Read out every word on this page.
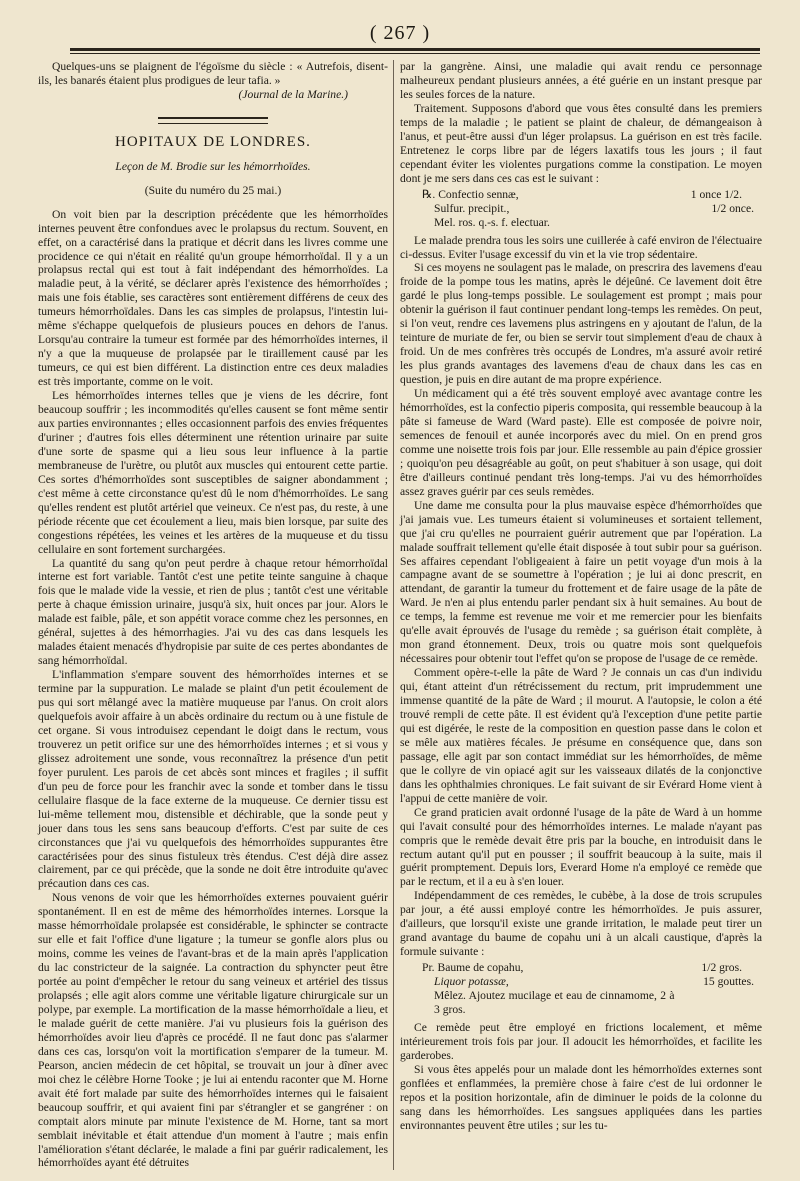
( 267 )

Quelques-uns se plaignent de l'égoïsme du siècle : « Autrefois, disent-ils, les banarés étaient plus prodigues de leur tafia. »

(Journal de la Marine.)

HOPITAUX DE LONDRES.
Leçon de M. Brodie sur les hémorrhoïdes.
(Suite du numéro du 25 mai.)

On voit bien par la description précédente que les hémorrhoïdes internes peuvent être confondues avec le prolapsus du rectum. Souvent, en effet, on a caractérisé dans la pratique et décrit dans les livres comme une procidence ce qui n'était en réalité qu'un groupe hémorrhoïdal. Il y a un prolapsus rectal qui est tout à fait indépendant des hémorrhoïdes. La maladie peut, à la vérité, se déclarer après l'existence des hémorrhoïdes ; mais une fois établie, ses caractères sont entièrement différens de ceux des tumeurs hémorrhoïdales. Dans les cas simples de prolapsus, l'intestin lui-même s'échappe quelquefois de plusieurs pouces en dehors de l'anus. Lorsqu'au contraire la tumeur est formée par des hémorrhoïdes internes, il n'y a que la muqueuse de prolapsée par le tiraillement causé par les tumeurs, ce qui est bien différent. La distinction entre ces deux maladies est très importante, comme on le voit.

Les hémorrhoïdes internes telles que je viens de les décrire, font beaucoup souffrir ; les incommodités qu'elles causent se font même sentir aux parties environnantes ; elles occasionnent parfois des envies fréquentes d'uriner ; d'autres fois elles déterminent une rétention urinaire par suite d'une sorte de spasme qui a lieu sous leur influence à la partie membraneuse de l'urètre, ou plutôt aux muscles qui entourent cette partie. Ces sortes d'hémorrhoïdes sont susceptibles de saigner abondamment ; c'est même à cette circonstance qu'est dû le nom d'hémorrhoïdes. Le sang qu'elles rendent est plutôt artériel que veineux. Ce n'est pas, du reste, à une période récente que cet écoulement a lieu, mais bien lorsque, par suite des congestions répétées, les veines et les artères de la muqueuse et du tissu cellulaire en sont fortement surchargées.

La quantité du sang qu'on peut perdre à chaque retour hémorrhoïdal interne est fort variable. Tantôt c'est une petite teinte sanguine à chaque fois que le malade vide la vessie, et rien de plus ; tantôt c'est une véritable perte à chaque émission urinaire, jusqu'à six, huit onces par jour. Alors le malade est faible, pâle, et son appétit vorace comme chez les personnes, en général, sujettes à des hémorrhagies. J'ai vu des cas dans lesquels les malades étaient menacés d'hydropisie par suite de ces pertes abondantes de sang hémorrhoïdal.

L'inflammation s'empare souvent des hémorrhoïdes internes et se termine par la suppuration. Le malade se plaint d'un petit écoulement de pus qui sort mêlangé avec la matière muqueuse par l'anus. On croit alors quelquefois avoir affaire à un abcès ordinaire du rectum ou à une fistule de cet organe. Si vous introduisez cependant le doigt dans le rectum, vous trouverez un petit orifice sur une des hémorrhoïdes internes ; et si vous y glissez adroitement une sonde, vous reconnaîtrez la présence d'un petit foyer purulent. Les parois de cet abcès sont minces et fragiles ; il suffit d'un peu de force pour les franchir avec la sonde et tomber dans le tissu cellulaire flasque de la face externe de la muqueuse. Ce dernier tissu est lui-même tellement mou, distensible et déchirable, que la sonde peut y jouer dans tous les sens sans beaucoup d'efforts. C'est par suite de ces circonstances que j'ai vu quelquefois des hémorrhoïdes suppurantes être caractérisées pour des sinus fistuleux très étendus. C'est déjà dire assez clairement, par ce qui précède, que la sonde ne doit être introduite qu'avec précaution dans ces cas.

Nous venons de voir que les hémorrhoïdes externes pouvaient guérir spontanément. Il en est de même des hémorrhoïdes internes. Lorsque la masse hémorrhoïdale prolapsée est considérable, le sphincter se contracte sur elle et fait l'office d'une ligature ; la tumeur se gonfle alors plus ou moins, comme les veines de l'avant-bras et de la main après l'application du lac constricteur de la saignée. La contraction du sphyncter peut être portée au point d'empêcher le retour du sang veineux et artériel des tissus prolapsés ; elle agit alors comme une véritable ligature chirurgicale sur un polype, par exemple. La mortification de la masse hémorrhoïdale a lieu, et le malade guérit de cette manière. J'ai vu plusieurs fois la guérison des hémorrhoïdes avoir lieu d'après ce procédé. Il ne faut donc pas s'alarmer dans ces cas, lorsqu'on voit la mortification s'emparer de la tumeur. M. Pearson, ancien médecin de cet hôpital, se trouvait un jour à dîner avec moi chez le célèbre Horne Tooke ; je lui ai entendu raconter que M. Horne avait été fort malade par suite des hémorrhoïdes internes qui le faisaient beaucoup souffrir, et qui avaient fini par s'étrangler et se gangréner : on comptait alors minute par minute l'existence de M. Horne, tant sa mort semblait inévitable et était attendue d'un moment à l'autre ; mais enfin l'amélioration s'étant déclarée, le malade a fini par guérir radicalement, les hémorrhoïdes ayant été détruites

par la gangrène. Ainsi, une maladie qui avait rendu ce personnage malheureux pendant plusieurs années, a été guérie en un instant presque par les seules forces de la nature.

Traitement. Supposons d'abord que vous êtes consulté dans les premiers temps de la maladie ; le patient se plaint de chaleur, de démangeaison à l'anus, et peut-être aussi d'un léger prolapsus. La guérison en est très facile. Entretenez le corps libre par de légers laxatifs tous les jours ; il faut cependant éviter les violentes purgations comme la constipation. Le moyen dont je me sers dans ces cas est le suivant :

℞. Confectio sennæ,	1 once 1/2.
Sulfur. precipit.,	1/2 once.
Mel. ros. q.-s. f. electuar.

Le malade prendra tous les soirs une cuillerée à café environ de l'électuaire ci-dessus. Eviter l'usage excessif du vin et la vie trop sédentaire.

Si ces moyens ne soulagent pas le malade, on prescrira des lavemens d'eau froide de la pompe tous les matins, après le déjeûné. Ce lavement doit être gardé le plus long-temps possible. Le soulagement est prompt ; mais pour obtenir la guérison il faut continuer pendant long-temps les remèdes. On peut, si l'on veut, rendre ces lavemens plus astringens en y ajoutant de l'alun, de la teinture de muriate de fer, ou bien se servir tout simplement d'eau de chaux à froid. Un de mes confrères très occupés de Londres, m'a assuré avoir retiré les plus grands avantages des lavemens d'eau de chaux dans les cas en question, je puis en dire autant de ma propre expérience.

Un médicament qui a été très souvent employé avec avantage contre les hémorrhoïdes, est la confectio piperis composita, qui ressemble beaucoup à la pâte si fameuse de Ward (Ward paste). Elle est composée de poivre noir, semences de fenouil et aunée incorporés avec du miel. On en prend gros comme une noisette trois fois par jour. Elle ressemble au pain d'épice grossier ; quoiqu'on peu désagréable au goût, on peut s'habituer à son usage, qui doit être d'ailleurs continué pendant très long-temps. J'ai vu des hémorrhoïdes assez graves guérir par ces seuls remèdes.

Une dame me consulta pour la plus mauvaise espèce d'hémorrhoïdes que j'ai jamais vue. Les tumeurs étaient si volumineuses et sortaient tellement, que j'ai cru qu'elles ne pourraient guérir autrement que par l'opération. La malade souffrait tellement qu'elle était disposée à tout subir pour sa guérison. Ses affaires cependant l'obligeaient à faire un petit voyage d'un mois à la campagne avant de se soumettre à l'opération ; je lui ai donc prescrit, en attendant, de garantir la tumeur du frottement et de faire usage de la pâte de Ward. Je n'en ai plus entendu parler pendant six à huit semaines. Au bout de ce temps, la femme est revenue me voir et me remercier pour les bienfaits qu'elle avait éprouvés de l'usage du remède ; sa guérison était complète, à mon grand étonnement. Deux, trois ou quatre mois sont quelquefois nécessaires pour obtenir tout l'effet qu'on se propose de l'usage de ce remède.

Comment opère-t-elle la pâte de Ward ? Je connais un cas d'un individu qui, étant atteint d'un rétrécissement du rectum, prit imprudemment une immense quantité de la pâte de Ward ; il mourut. A l'autopsie, le colon a été trouvé rempli de cette pâte. Il est évident qu'à l'exception d'une petite partie qui est digérée, le reste de la composition en question passe dans le colon et se mêle aux matières fécales. Je présume en conséquence que, dans son passage, elle agit par son contact immédiat sur les hémorrhoïdes, de même que le collyre de vin opiacé agit sur les vaisseaux dilatés de la conjonctive dans les ophthalmies chroniques. Le fait suivant de sir Evérard Home vient à l'appui de cette manière de voir.

Ce grand praticien avait ordonné l'usage de la pâte de Ward à un homme qui l'avait consulté pour des hémorrhoïdes internes. Le malade n'ayant pas compris que le remède devait être pris par la bouche, en introduisit dans le rectum autant qu'il put en pousser ; il souffrit beaucoup à la suite, mais il guérit promptement. Depuis lors, Everard Home n'a employé ce remède que par le rectum, et il a eu à s'en louer.

Indépendamment de ces remèdes, le cubèbe, à la dose de trois scrupules par jour, a été aussi employé contre les hémorrhoïdes. Je puis assurer, d'ailleurs, que lorsqu'il existe une grande irritation, le malade peut tirer un grand avantage du baume de copahu uni à un alcali caustique, d'après la formule suivante :

Pr. Baume de copahu,	1/2 gros.
Liquor potassæ,	15 gouttes.
Mêlez. Ajoutez mucilage et eau de cinnamome, 2 à 3 gros.

Ce remède peut être employé en frictions localement, et même intérieurement trois fois par jour. Il adoucit les hémorrhoïdes, et facilite les garderobes.

Si vous êtes appelés pour un malade dont les hémorrhoïdes externes sont gonflées et enflammées, la première chose à faire c'est de lui ordonner le repos et la position horizontale, afin de diminuer le poids de la colonne du sang dans les hémorrhoïdes. Les sangsues appliquées dans les parties environnantes peuvent être utiles ; sur les tu-
